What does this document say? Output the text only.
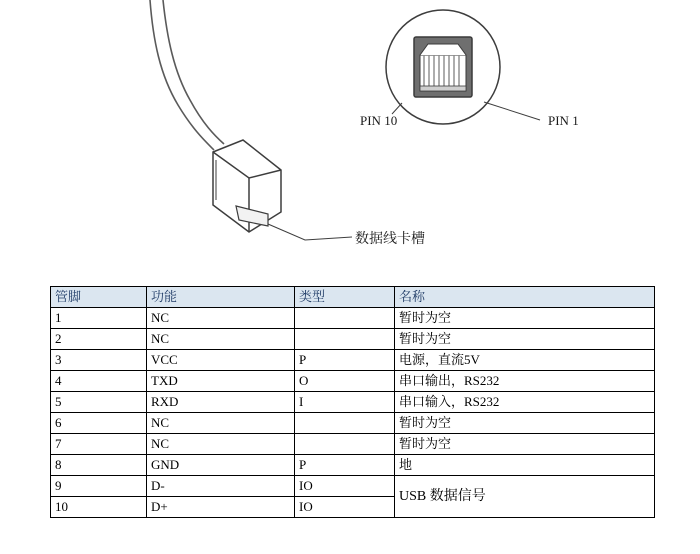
PIN 10	PIN 1
数据线卡槽
管脚	功能	类型	名称
1	NC		暂时为空
2	NC		暂时为空
3	VCC	P	电源，直流5V
4	TXD	O	串口输出，RS232
5	RXD	I	串口输入，RS232
6	NC		暂时为空
7	NC		暂时为空
8	GND	P	地
9	D-	IO	USB 数据信号
10	D+	IO	
